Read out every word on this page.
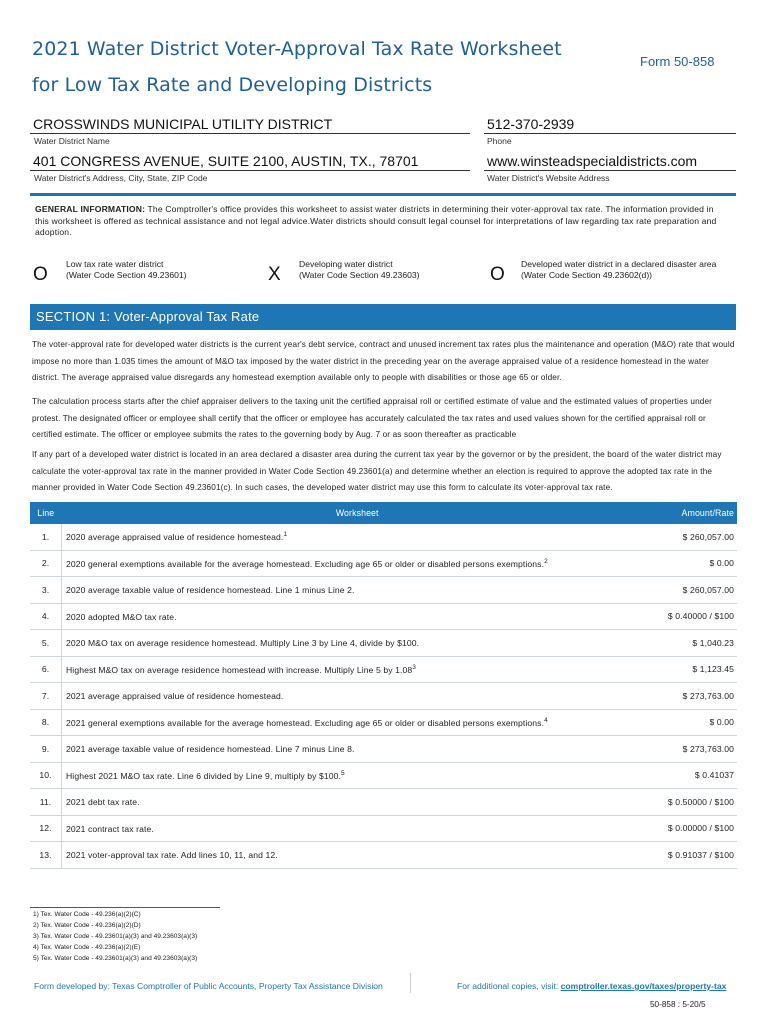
2021 Water District Voter-Approval Tax Rate Worksheet
for Low Tax Rate and Developing Districts
Form 50-858
CROSSWINDS MUNICIPAL UTILITY DISTRICT
Water District Name
512-370-2939
Phone
401 CONGRESS AVENUE, SUITE 2100, AUSTIN, TX., 78701
Water District's Address, City, State, ZIP Code
www.winsteadspecialdistricts.com
Water District's Website Address
GENERAL INFORMATION: The Comptroller's office provides this worksheet to assist water districts in determining their voter-approval tax rate. The information provided in this worksheet is offered as technical assistance and not legal advice.Water districts should consult legal counsel for interpretations of law regarding tax rate preparation and adoption.
O Low tax rate water district
(Water Code Section 49.23601)	X Developing water district
(Water Code Section 49.23603)	O Developed water district in a declared disaster area
(Water Code Section 49.23602(d))
SECTION 1: Voter-Approval Tax Rate
The voter-approval rate for developed water districts is the current year's debt service, contract and unused increment tax rates plus the maintenance and operation (M&O) rate that would impose no more than 1.035 times the amount of M&O tax imposed by the water district in the preceding year on the average appraised value of a residence homestead in the water district. The average appraised value disregards any homestead exemption available only to people with disabilities or those age 65 or older.
The calculation process starts after the chief appraiser delivers to the taxing unit the certified appraisal roll or certified estimate of value and the estimated values of properties under protest. The designated officer or employee shall certify that the officer or employee has accurately calculated the tax rates and used values shown for the certified appraisal roll or certified estimate. The officer or employee submits the rates to the governing body by Aug. 7 or as soon thereafter as practicable
If any part of a developed water district is located in an area declared a disaster area during the current tax year by the governor or by the president, the board of the water district may calculate the voter-approval tax rate in the manner provided in Water Code Section 49.23601(a) and determine whether an election is required to approve the adopted tax rate in the manner provided in Water Code Section 49.23601(c). In such cases, the developed water district may use this form to calculate its voter-approval tax rate.
Line	Worksheet	Amount/Rate
1.	2020 average appraised value of residence homestead.$^1$	$ 260,057.00
2.	2020 general exemptions available for the average homestead. Excluding age 65 or older or disabled persons exemptions.$^2$	$ 0.00
3.	2020 average taxable value of residence homestead. Line 1 minus Line 2.	$ 260,057.00
4.	2020 adopted M&O tax rate.	$ 0.40000 / $100
5.	2020 M&O tax on average residence homestead. Multiply Line 3 by Line 4, divide by $100.	$ 1,040.23
6.	Highest M&O tax on average residence homestead with increase. Multiply Line 5 by 1.08$^3$	$ 1,123.45
7.	2021 average appraised value of residence homestead.	$ 273,763.00
8.	2021 general exemptions available for the average homestead. Excluding age 65 or older or disabled persons exemptions.$^4$	$ 0.00
9.	2021 average taxable value of residence homestead. Line 7 minus Line 8.	$ 273,763.00
10.	Highest 2021 M&O tax rate. Line 6 divided by Line 9, multiply by $100.$^5$	$ 0.41037
11.	2021 debt tax rate.	$ 0.50000 / $100
12.	2021 contract tax rate.	$ 0.00000 / $100
13.	2021 voter-approval tax rate. Add lines 10, 11, and 12.	$ 0.91037 / $100
1) Tex. Water Code - 49.236(a)(2)(C)
2) Tex. Water Code - 49.236(a)(2)(D)
3) Tex. Water Code - 49.23601(a)(3) and 49.23603(a)(3)
4) Tex. Water Code - 49.236(a)(2)(E)
5) Tex. Water Code - 49.23601(a)(3) and 49.23603(a)(3)
Form developed by: Texas Comptroller of Public Accounts, Property Tax Assistance Division	For additional copies, visit: comptroller.texas.gov/taxes/property-tax
50-858 : 5-20/5
